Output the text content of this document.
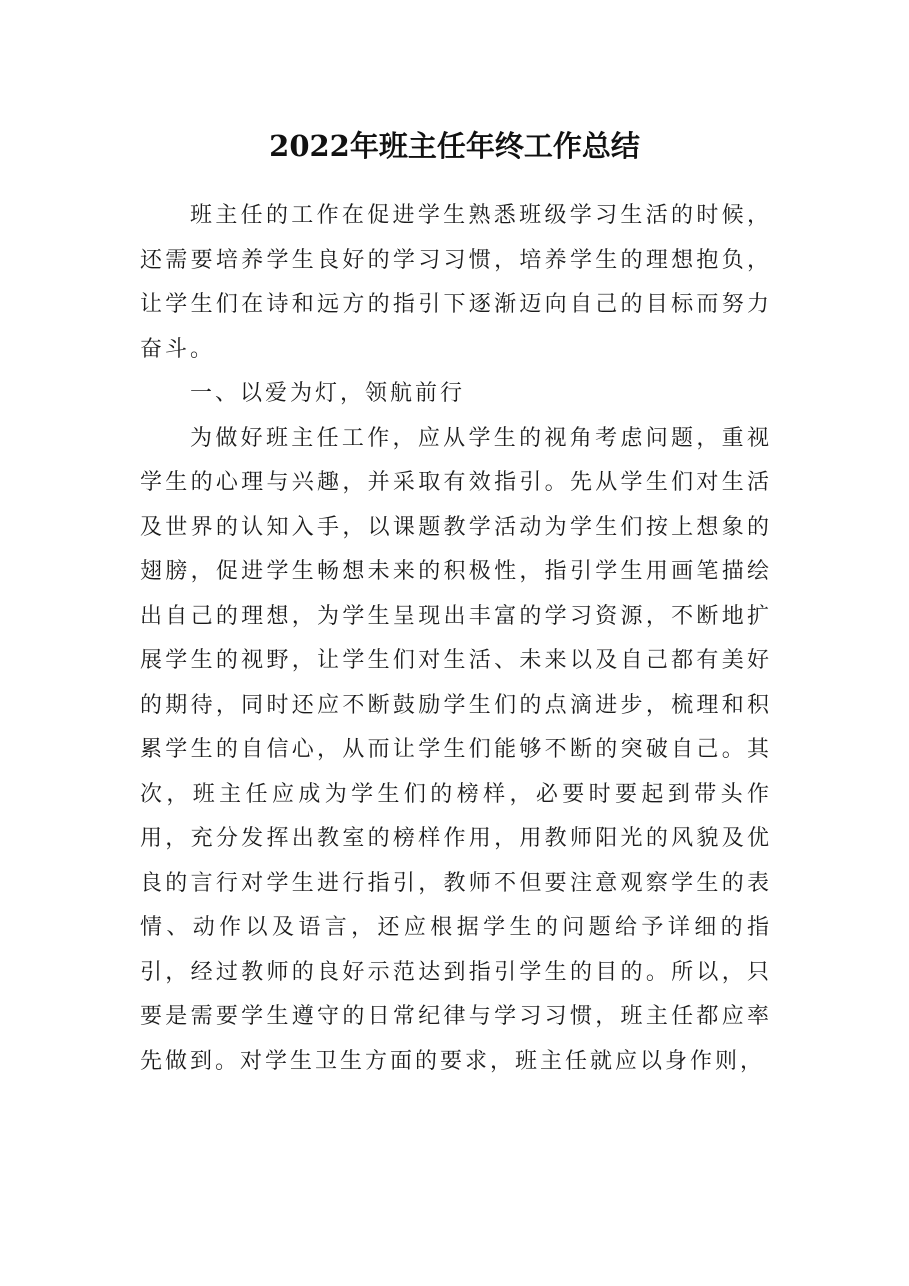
2022年班主任年终工作总结

班主任的工作在促进学生熟悉班级学习生活的时候，还需要培养学生良好的学习习惯，培养学生的理想抱负，让学生们在诗和远方的指引下逐渐迈向自己的目标而努力奋斗。

一、以爱为灯，领航前行

为做好班主任工作，应从学生的视角考虑问题，重视学生的心理与兴趣，并采取有效指引。先从学生们对生活及世界的认知入手，以课题教学活动为学生们按上想象的翅膀，促进学生畅想未来的积极性，指引学生用画笔描绘出自己的理想，为学生呈现出丰富的学习资源，不断地扩展学生的视野，让学生们对生活、未来以及自己都有美好的期待，同时还应不断鼓励学生们的点滴进步，梳理和积累学生的自信心，从而让学生们能够不断的突破自己。其次，班主任应成为学生们的榜样，必要时要起到带头作用，充分发挥出教室的榜样作用，用教师阳光的风貌及优良的言行对学生进行指引，教师不但要注意观察学生的表情、动作以及语言，还应根据学生的问题给予详细的指引，经过教师的良好示范达到指引学生的目的。所以，只要是需要学生遵守的日常纪律与学习习惯，班主任都应率先做到。对学生卫生方面的要求，班主任就应以身作则，
